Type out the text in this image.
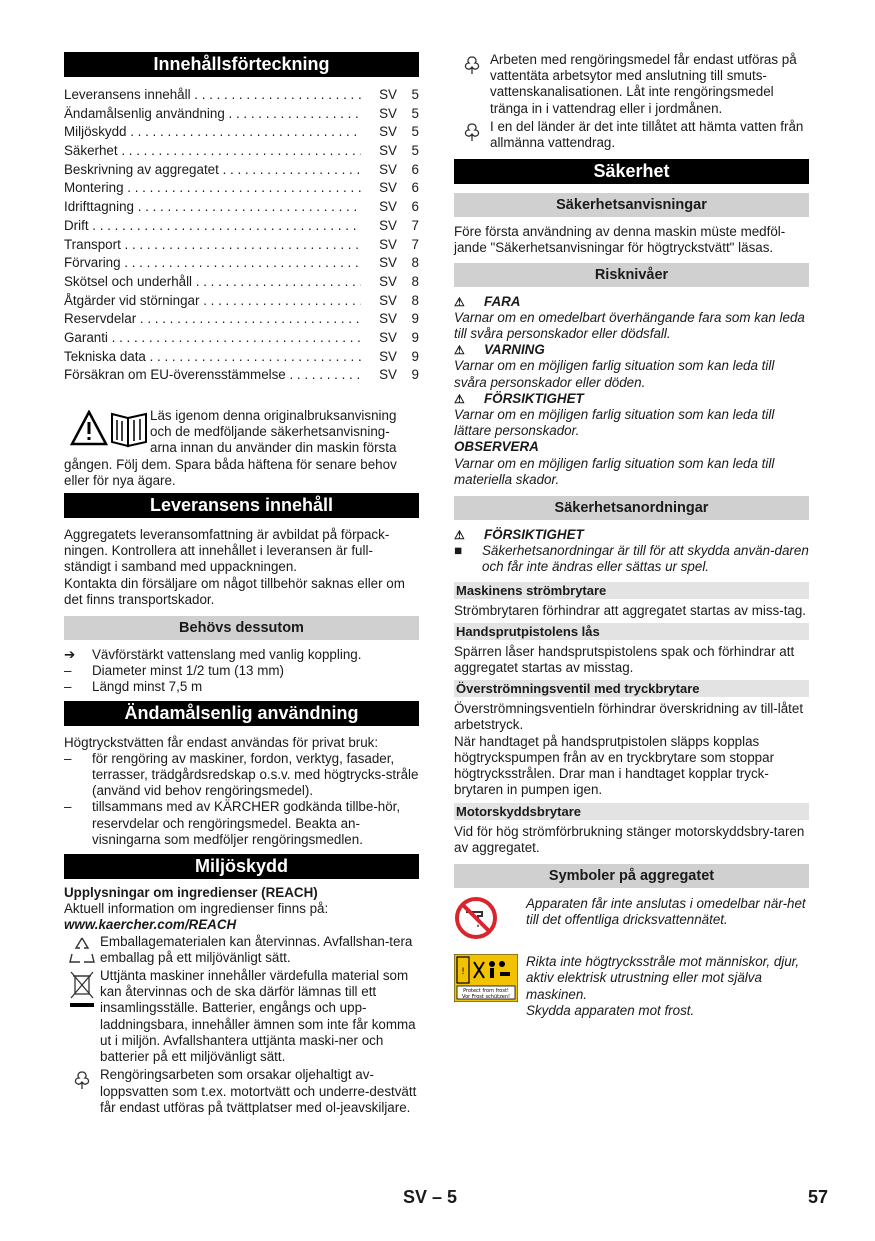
Innehållsförteckning
Leveransens innehåll . . .	SV	5
Ändamålsenlig användning . . .	SV	5
Miljöskydd . . .	SV	5
Säkerhet . . .	SV	5
Beskrivning av aggregatet . . .	SV	6
Montering . . .	SV	6
Idrifttagning . . .	SV	6
Drift . . .	SV	7
Transport . . .	SV	7
Förvaring . . .	SV	8
Skötsel och underhåll . . .	SV	8
Åtgärder vid störningar . . .	SV	8
Reservdelar . . .	SV	9
Garanti . . .	SV	9
Tekniska data . . .	SV	9
Försäkran om EU-överensstämmelse . . .	SV	9

Läs igenom denna originalbruksanvisning

och de medföljande säkerhetsanvisning-

arna innan du använder din maskin första

gången. Följ dem. Spara båda häftena för senare behov

eller för nya ägare.

Leveransens innehåll

Aggregatets leveransomfattning är avbildat på förpack-ningen. Kontrollera att innehållet i leveransen är full-ständigt i samband med uppackningen.

Kontakta din försäljare om något tillbehör saknas eller om det finns transportskador.

Behövs dessutom
➔	Vävförstärkt vattenslang med vanlig koppling.
–	Diameter minst 1/2 tum (13 mm)
–	Längd minst 7,5 m
Ändamålsenlig användning

Högtryckstvätten får endast användas för privat bruk:

–	för rengöring av maskiner, fordon, verktyg, fasader, terrasser, trädgårdsredskap o.s.v. med högtrycks-stråle (använd vid behov rengöringsmedel).
–	tillsammans med av KÄRCHER godkända tillbe-hör, reservdelar och rengöringsmedel. Beakta an-visningarna som medföljer rengöringsmedlen.
Miljöskydd

Upplysningar om ingredienser (REACH)

Aktuell information om ingredienser finns på:

www.kaercher.com/REACH

Emballagematerialen kan återvinnas. Avfallshan-tera emballag på ett miljövänligt sätt.
Uttjänta maskiner innehåller värdefulla material som kan återvinnas och de ska därför lämnas till ett insamlingsställe. Batterier, engångs och upp-laddningsbara, innehåller ämnen som inte får komma ut i miljön. Avfallshantera uttjänta maski-ner och batterier på ett miljövänligt sätt.
Rengöringsarbeten som orsakar oljehaltigt av-loppsvatten som t.ex. motortvätt och underre-destvätt får endast utföras på tvättplatser med ol-jeavskiljare.
Arbeten med rengöringsmedel får endast utföras på vattentäta arbetsytor med anslutning till smuts-vattenskanalisationen. Låt inte rengöringsmedel tränga in i vattendrag eller i jordmånen.
I en del länder är det inte tillåtet att hämta vatten från allmänna vattendrag.
Säkerhet
Säkerhetsanvisningar

Före första användning av denna maskin müste medföl-jande "Säkerhetsanvisningar för högtryckstvätt" läsas.

Risknivåer
⚠	FARA

Varnar om en omedelbart överhängande fara som kan leda till svåra personskador eller dödsfall.

⚠	VARNING

Varnar om en möjligen farlig situation som kan leda till svåra personskador eller döden.

⚠	FÖRSIKTIGHET

Varnar om en möjligen farlig situation som kan leda till lättare personskador.

OBSERVERA

Varnar om en möjligen farlig situation som kan leda till materiella skador.

Säkerhetsanordningar
⚠	FÖRSIKTIGHET
■	Säkerhetsanordningar är till för att skydda använ-daren och får inte ändras eller sättas ur spel.
Maskinens strömbrytare

Strömbrytaren förhindrar att aggregatet startas av miss-tag.

Handsprutpistolens lås

Spärren låser handsprutspistolens spak och förhindrar att aggregatet startas av misstag.

Överströmningsventil med tryckbrytare

Överströmningsventieln förhindrar överskridning av till-låtet arbetstryck.

När handtaget på handsprutpistolen släpps kopplas högtryckspumpen från av en tryckbrytare som stoppar högtrycksstrålen. Drar man i handtaget kopplar tryck-brytaren in pumpen igen.

Motorskyddsbrytare

Vid för hög strömförbrukning stänger motorskyddsbry-taren av aggregatet.

Symboler på aggregatet
Apparaten får inte anslutas i omedelbar när-het till det offentliga dricksvattennätet.
!
Protect from frost!
Vor Frost schützen!
Rikta inte högtrycksstråle mot människor, djur, aktiv elektrisk utrustning eller mot själva maskinen.
Skydda apparaten mot frost.
SV – 5	57
